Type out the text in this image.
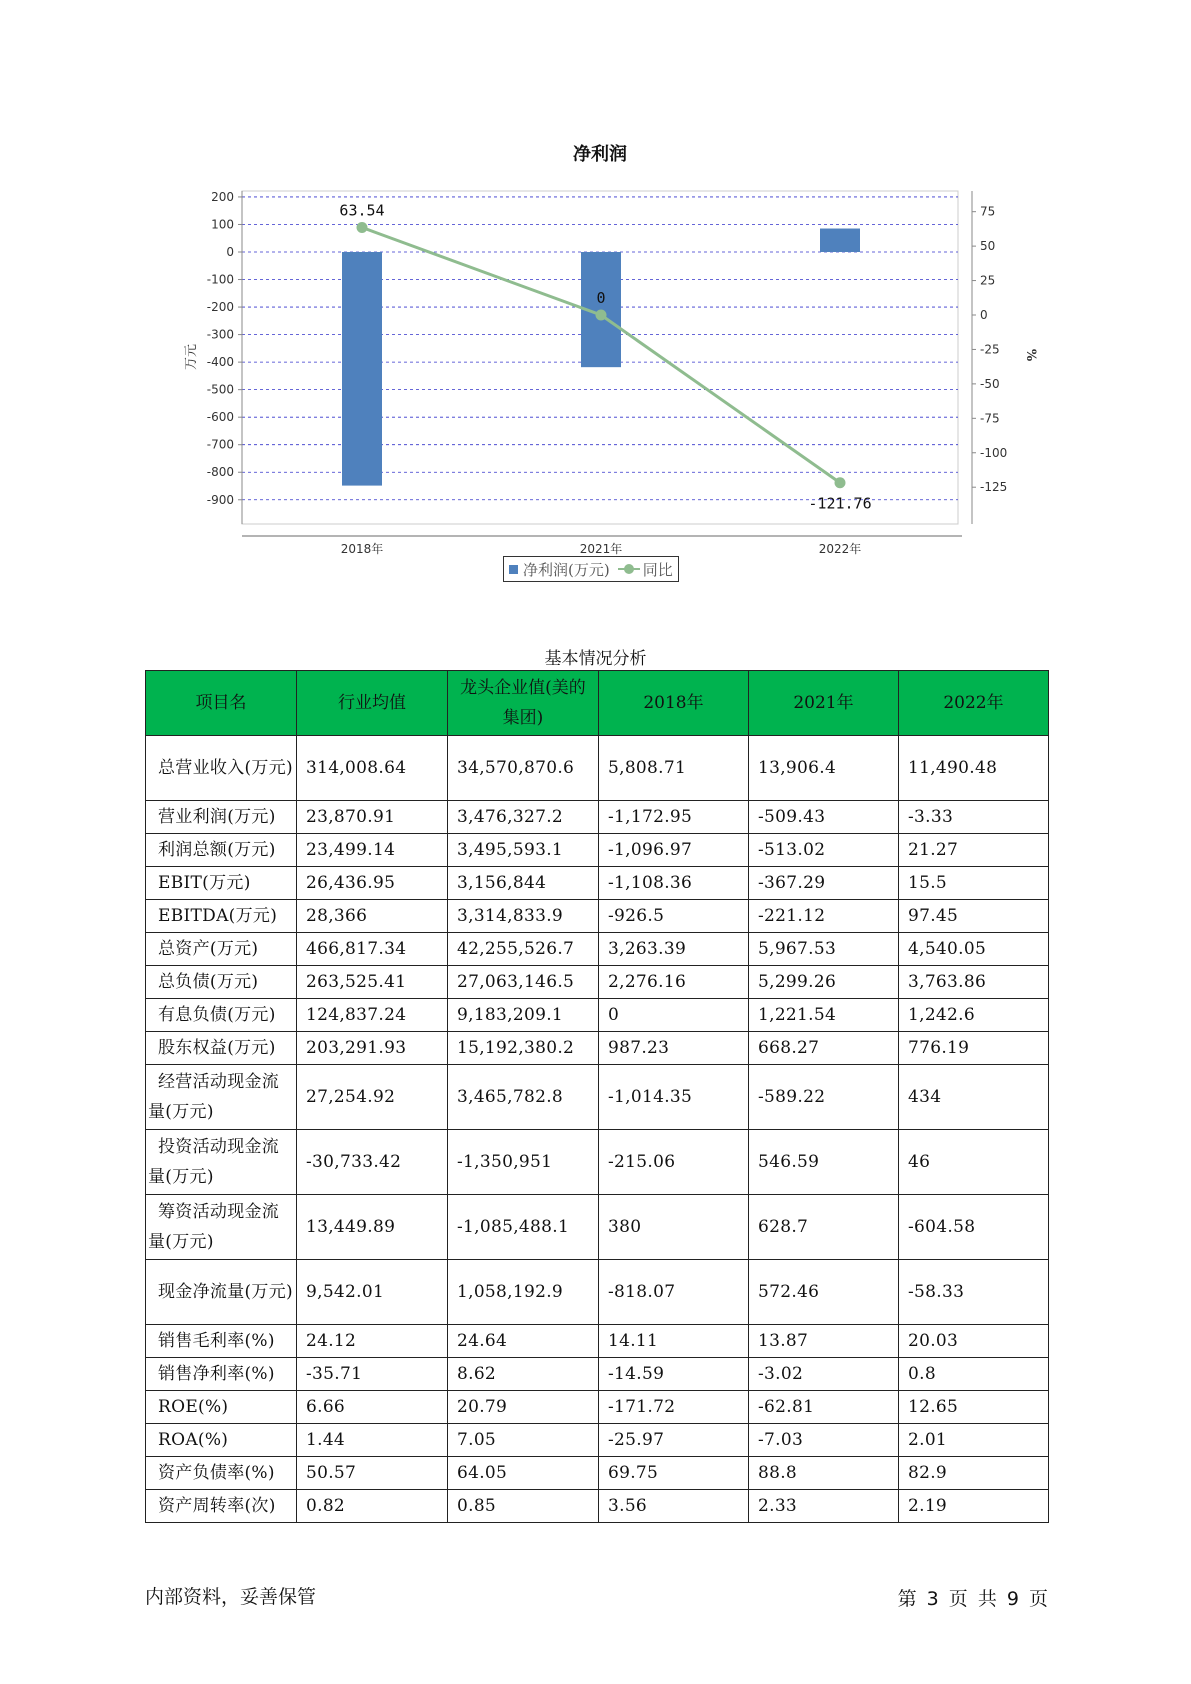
净利润
200
100
0
-100
-200
-300
-400
-500
-600
-700
-800
-900
75
50
25
0
-25
-50
-75
-100
-125
万元	%
2018年	2021年	2022年
63.54
0
-121.76
净利润(万元) 同比
基本情况分析
项目名	行业均值	龙头企业值(美的集团)	2018年	2021年	2022年

总营业收入(万元)	314,008.64	34,570,870.6	5,808.71	13,906.4	11,490.48

营业利润(万元)	23,870.91	3,476,327.2	-1,172.95	-509.43	-3.33

利润总额(万元)	23,499.14	3,495,593.1	-1,096.97	-513.02	21.27

EBIT(万元)	26,436.95	3,156,844	-1,108.36	-367.29	15.5

EBITDA(万元)	28,366	3,314,833.9	-926.5	-221.12	97.45

总资产(万元)	466,817.34	42,255,526.7	3,263.39	5,967.53	4,540.05

总负债(万元)	263,525.41	27,063,146.5	2,276.16	5,299.26	3,763.86

有息负债(万元)	124,837.24	9,183,209.1	0	1,221.54	1,242.6

股东权益(万元)	203,291.93	15,192,380.2	987.23	668.27	776.19

经营活动现金流量(万元)	27,254.92	3,465,782.8	-1,014.35	-589.22	434

投资活动现金流量(万元)	-30,733.42	-1,350,951	-215.06	546.59	46

筹资活动现金流量(万元)	13,449.89	-1,085,488.1	380	628.7	-604.58

现金净流量(万元)	9,542.01	1,058,192.9	-818.07	572.46	-58.33

销售毛利率(%)	24.12	24.64	14.11	13.87	20.03

销售净利率(%)	-35.71	8.62	-14.59	-3.02	0.8

ROE(%)	6.66	20.79	-171.72	-62.81	12.65

ROA(%)	1.44	7.05	-25.97	-7.03	2.01

资产负债率(%)	50.57	64.05	69.75	88.8	82.9

资产周转率(次)	0.82	0.85	3.56	2.33	2.19
内部资料，妥善保管	第 3 页 共 9 页
